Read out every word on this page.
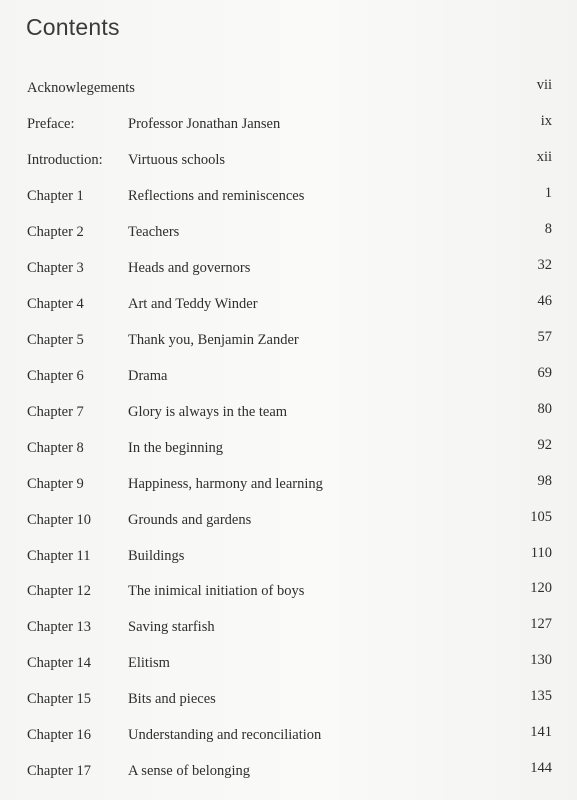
Contents
Acknowlegements	vii
Preface:	Professor Jonathan Jansen	ix
Introduction: Virtuous schools	xii
Chapter 1	Reflections and reminiscences	1
Chapter 2	Teachers	8
Chapter 3	Heads and governors	32
Chapter 4	Art and Teddy Winder	46
Chapter 5	Thank you, Benjamin Zander	57
Chapter 6	Drama	69
Chapter 7	Glory is always in the team	80
Chapter 8	In the beginning	92
Chapter 9	Happiness, harmony and learning	98
Chapter 10	Grounds and gardens	105
Chapter 11	Buildings	110
Chapter 12	The inimical initiation of boys	120
Chapter 13	Saving starfish	127
Chapter 14	Elitism	130
Chapter 15	Bits and pieces	135
Chapter 16	Understanding and reconciliation	141
Chapter 17	A sense of belonging	144
